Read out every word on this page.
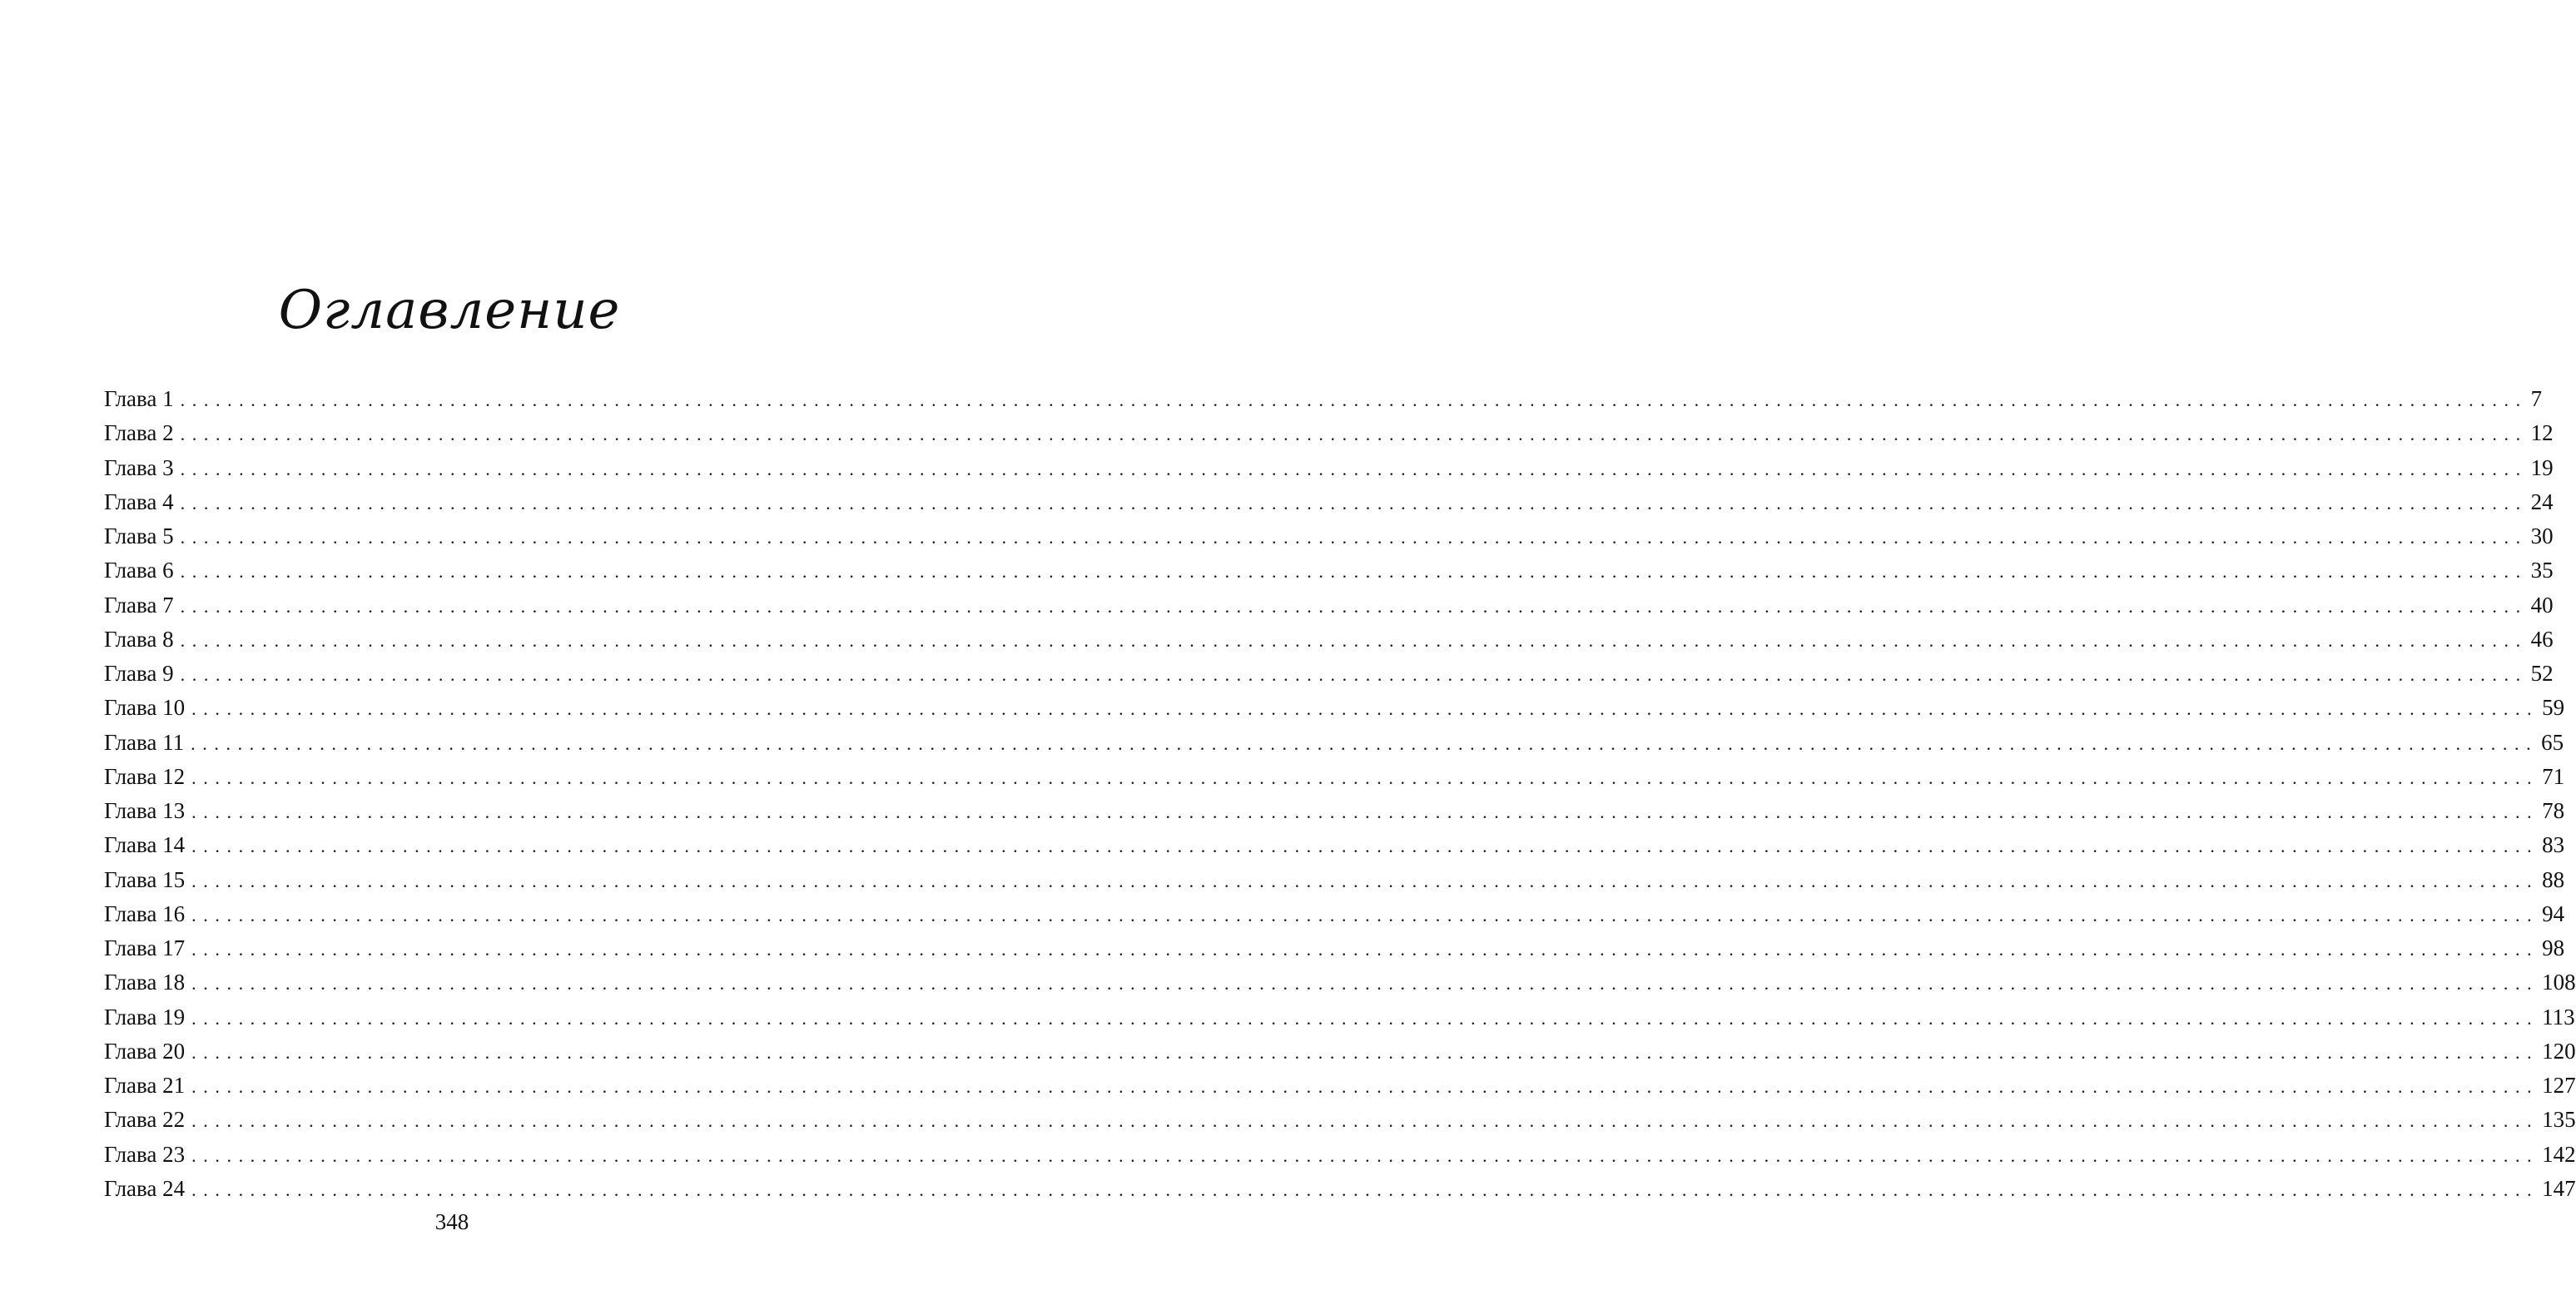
Оглавление
Глава 1 ........................................................................................................................................................................................................ 7
Глава 2 ........................................................................................................................................................................................................ 12
Глава 3 ........................................................................................................................................................................................................ 19
Глава 4 ........................................................................................................................................................................................................ 24
Глава 5 ........................................................................................................................................................................................................ 30
Глава 6 ........................................................................................................................................................................................................ 35
Глава 7 ........................................................................................................................................................................................................ 40
Глава 8 ........................................................................................................................................................................................................ 46
Глава 9 ........................................................................................................................................................................................................ 52
Глава 10 ........................................................................................................................................................................................................ 59
Глава 11 ........................................................................................................................................................................................................ 65
Глава 12 ........................................................................................................................................................................................................ 71
Глава 13 ........................................................................................................................................................................................................ 78
Глава 14 ........................................................................................................................................................................................................ 83
Глава 15 ........................................................................................................................................................................................................ 88
Глава 16 ........................................................................................................................................................................................................ 94
Глава 17 ........................................................................................................................................................................................................ 98
Глава 18 ........................................................................................................................................................................................................ 108
Глава 19 ........................................................................................................................................................................................................ 113
Глава 20 ........................................................................................................................................................................................................ 120
Глава 21 ........................................................................................................................................................................................................ 127
Глава 22 ........................................................................................................................................................................................................ 135
Глава 23 ........................................................................................................................................................................................................ 142
Глава 24 ........................................................................................................................................................................................................ 147
348
